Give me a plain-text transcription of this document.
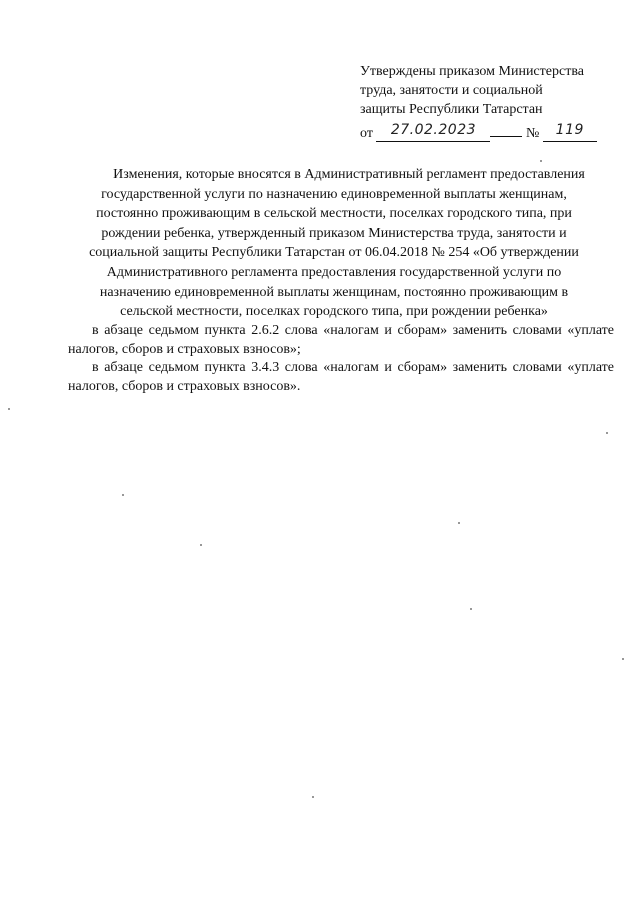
Утверждены приказом Министерства
труда, занятости и социальной
защиты Республики Татарстан
от 27.02.2023	№ 119
Изменения, которые вносятся в Административный регламент предоставления
государственной услуги по назначению единовременной выплаты женщинам,
постоянно проживающим в сельской местности, поселках городского типа, при
рождении ребенка, утвержденный приказом Министерства труда, занятости и
социальной защиты Республики Татарстан от 06.04.2018 № 254 «Об утверждении
Административного регламента предоставления государственной услуги по
назначению единовременной выплаты женщинам, постоянно проживающим в
сельской местности, поселках городского типа, при рождении ребенка»

в абзаце седьмом пункта 2.6.2 слова «налогам и сборам» заменить словами «уплате налогов, сборов и страховых взносов»;

в абзаце седьмом пункта 3.4.3 слова «налогам и сборам» заменить словами «уплате налогов, сборов и страховых взносов».
